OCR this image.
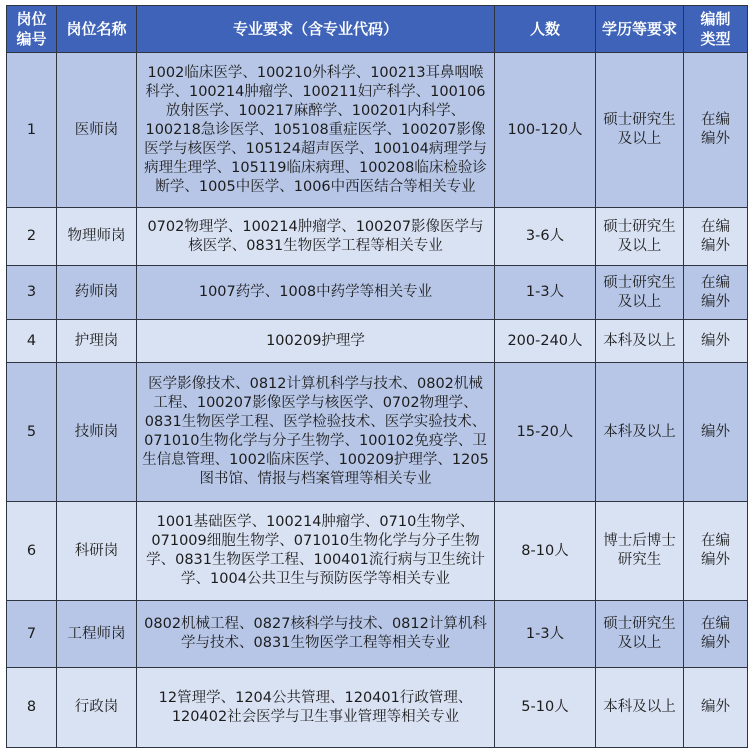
岗位编号	岗位名称	专业要求（含专业代码）	人数	学历等要求	编制类型

1	医师岗	1002临床医学、100210外科学、100213耳鼻咽喉科学、100214肿瘤学、100211妇产科学、100106放射医学、100217麻醉学、100201内科学、100218急诊医学、105108重症医学、100207影像医学与核医学、105124超声医学、100104病理学与病理生理学、105119临床病理、100208临床检验诊断学、1005中医学、1006中西医结合等相关专业	100-120人	硕士研究生及以上	在编编外

2	物理师岗	0702物理学、100214肿瘤学、100207影像医学与核医学、0831生物医学工程等相关专业	3-6人	硕士研究生及以上	在编编外

3	药师岗	1007药学、1008中药学等相关专业	1-3人	硕士研究生及以上	在编编外

4	护理岗	100209护理学	200-240人	本科及以上	编外
5	技师岗	医学影像技术、0812计算机科学与技术、0802机械工程、100207影像医学与核医学、0702物理学、0831生物医学工程、医学检验技术、医学实验技术、071010生物化学与分子生物学、100102免疫学、卫生信息管理、1002临床医学、100209护理学、1205图书馆、情报与档案管理等相关专业	15-20人	本科及以上	编外
6	科研岗	1001基础医学、100214肿瘤学、0710生物学、071009细胞生物学、071010生物化学与分子生物学、0831生物医学工程、100401流行病与卫生统计学、1004公共卫生与预防医学等相关专业	8-10人	博士后博士研究生	在编编外

7	工程师岗	0802机械工程、0827核科学与技术、0812计算机科学与技术、0831生物医学工程等相关专业	1-3人	硕士研究生及以上	在编编外

8	行政岗	12管理学、1204公共管理、120401行政管理、120402社会医学与卫生事业管理等相关专业	5-10人	本科及以上	编外
